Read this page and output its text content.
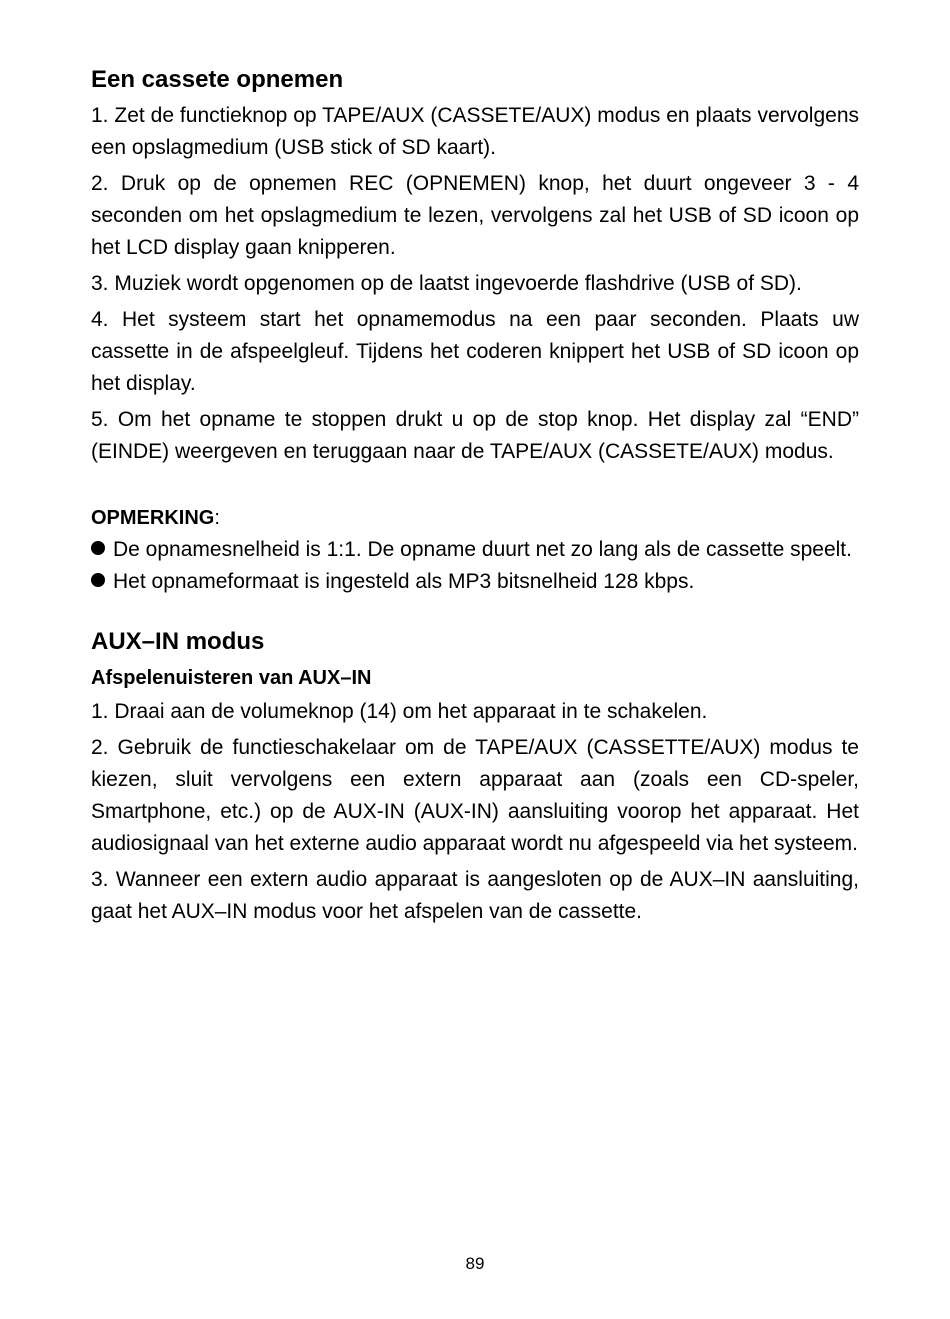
Een cassete opnemen

1. Zet de functieknop op TAPE/AUX (CASSETE/AUX) modus en plaats vervolgens een opslagmedium (USB stick of SD kaart).

2. Druk op de opnemen REC (OPNEMEN) knop, het duurt ongeveer 3 - 4 seconden om het opslagmedium te lezen, vervolgens zal het USB of SD icoon op het LCD display gaan knipperen.

3. Muziek wordt opgenomen op de laatst ingevoerde flashdrive (USB of SD).

4. Het systeem start het opnamemodus na een paar seconden. Plaats uw cassette in de afspeelgleuf. Tijdens het coderen knippert het USB of SD icoon op het display.

5. Om het opname te stoppen drukt u op de stop knop. Het display zal “END” (EINDE) weergeven en teruggaan naar de TAPE/AUX (CASSETE/AUX) modus.

OPMERKING:
De opnamesnelheid is 1:1. De opname duurt net zo lang als de cassette speelt.
Het opnameformaat is ingesteld als MP3 bitsnelheid 128 kbps.
AUX–IN modus
Afspelenuisteren van AUX–IN

1. Draai aan de volumeknop (14) om het apparaat in te schakelen.

2. Gebruik de functieschakelaar om de TAPE/AUX (CASSETTE/AUX) modus te kiezen, sluit vervolgens een extern apparaat aan (zoals een CD-speler, Smartphone, etc.) op de AUX-IN (AUX-IN) aansluiting voorop het apparaat. Het audiosignaal van het externe audio apparaat wordt nu afgespeeld via het systeem.

3. Wanneer een extern audio apparaat is aangesloten op de AUX–IN aansluiting, gaat het AUX–IN modus voor het afspelen van de cassette.

89
